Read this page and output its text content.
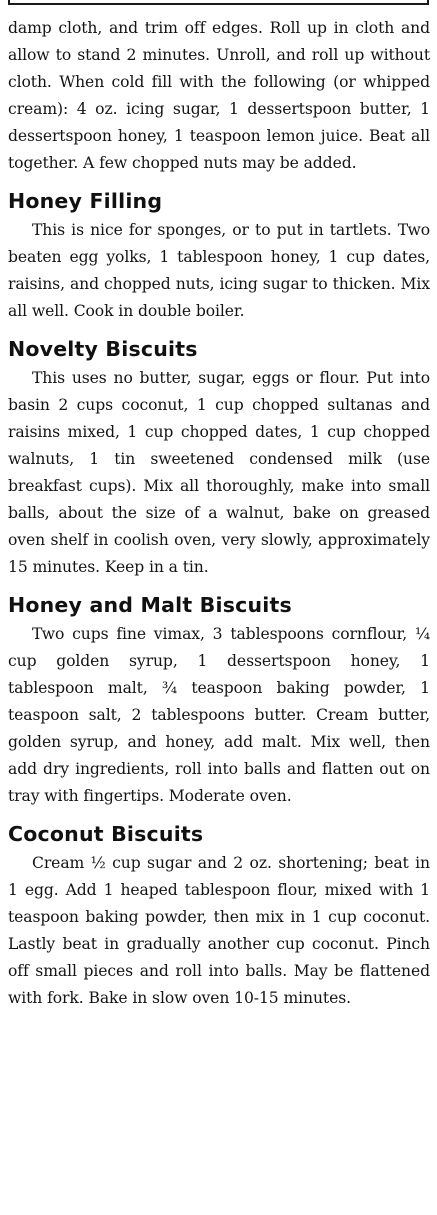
damp cloth, and trim off edges. Roll up in cloth and allow to stand 2 minutes. Unroll, and roll up without cloth. When cold fill with the following (or whipped cream): 4 oz. icing sugar, 1 dessertspoon butter, 1 dessertspoon honey, 1 teaspoon lemon juice. Beat all together. A few chopped nuts may be added.

Honey Filling

This is nice for sponges, or to put in tartlets. Two beaten egg yolks, 1 tablespoon honey, 1 cup dates, raisins, and chopped nuts, icing sugar to thicken. Mix all well. Cook in double boiler.

Novelty Biscuits

This uses no butter, sugar, eggs or flour. Put into basin 2 cups coconut, 1 cup chopped sultanas and raisins mixed, 1 cup chopped dates, 1 cup chopped walnuts, 1 tin sweetened condensed milk (use breakfast cups). Mix all thoroughly, make into small balls, about the size of a walnut, bake on greased oven shelf in coolish oven, very slowly, approximately 15 minutes. Keep in a tin.

Honey and Malt Biscuits

Two cups fine vimax, 3 tablespoons cornflour, ¼ cup golden syrup, 1 dessertspoon honey, 1 tablespoon malt, ¾ teaspoon baking powder, 1 teaspoon salt, 2 tablespoons butter. Cream butter, golden syrup, and honey, add malt. Mix well, then add dry ingredients, roll into balls and flatten out on tray with fingertips. Moderate oven.

Coconut Biscuits

Cream ½ cup sugar and 2 oz. shortening; beat in 1 egg. Add 1 heaped tablespoon flour, mixed with 1 teaspoon baking powder, then mix in 1 cup coconut. Lastly beat in gradually another cup coconut. Pinch off small pieces and roll into balls. May be flattened with fork. Bake in slow oven 10-15 minutes.
